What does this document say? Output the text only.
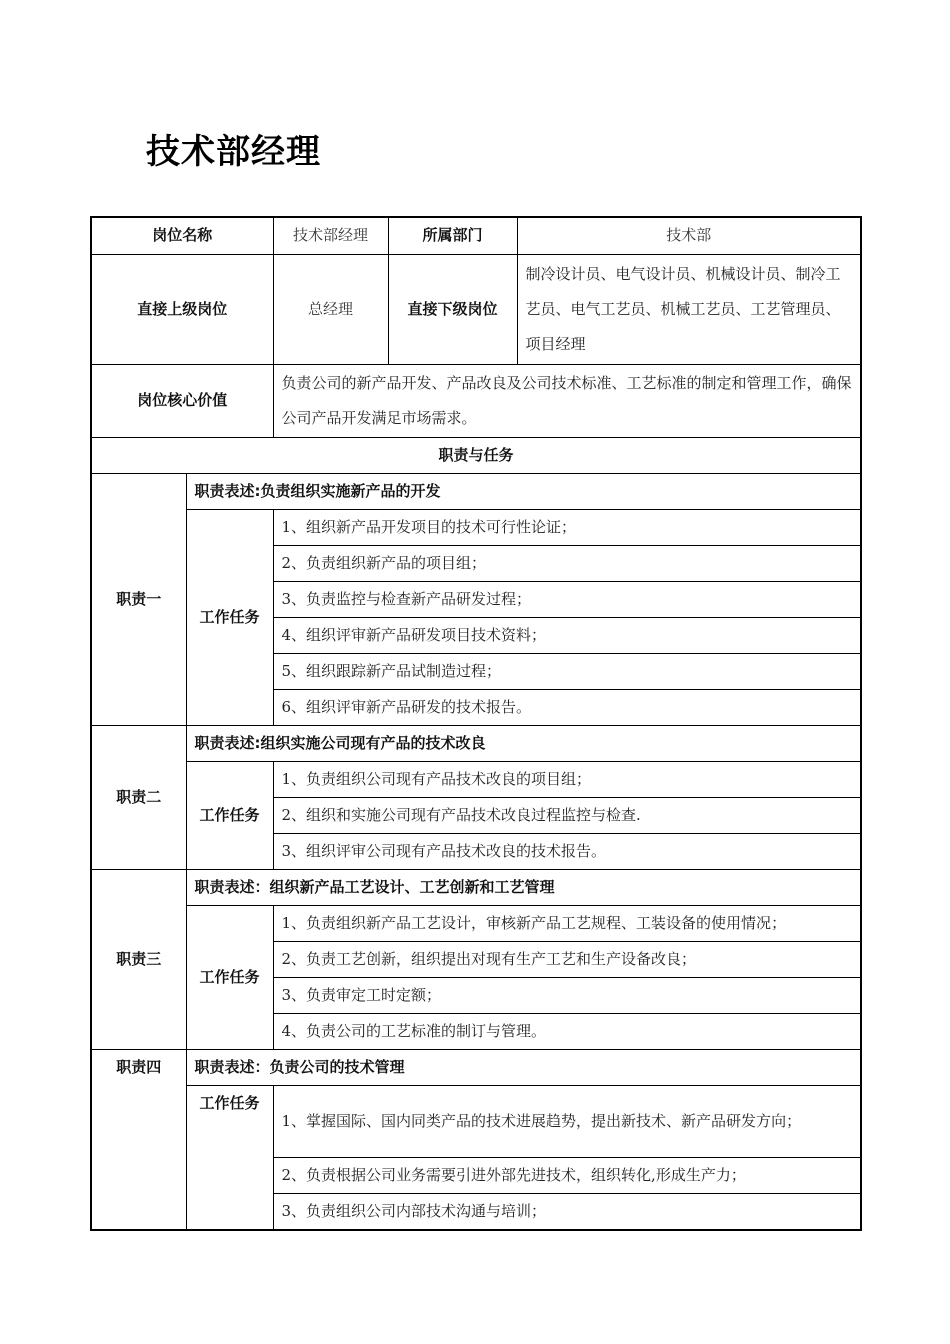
技术部经理
岗位名称		技术部经理	所属部门	技术部
直接上级岗位		总经理	直接下级岗位	制冷设计员、电气设计员、机械设计员、制冷工艺员、电气工艺员、机械工艺员、工艺管理员、项目经理
岗位核心价值		负责公司的新产品开发、产品改良及公司技术标准、工艺标准的制定和管理工作，确保公司产品开发满足市场需求。		
职责与任务				
职责一	职责表述:负责组织实施新产品的开发			
	工作任务	1、组织新产品开发项目的技术可行性论证；		
		2、负责组织新产品的项目组；		
		3、负责监控与检查新产品研发过程；		
		4、组织评审新产品研发项目技术资料；		
		5、组织跟踪新产品试制造过程；		
		6、组织评审新产品研发的技术报告。		
职责二	职责表述:组织实施公司现有产品的技术改良			
	工作任务	1、负责组织公司现有产品技术改良的项目组；		
		2、组织和实施公司现有产品技术改良过程监控与检查.		
		3、组织评审公司现有产品技术改良的技术报告。		
职责三	职责表述：组织新产品工艺设计、工艺创新和工艺管理			
	工作任务	1、负责组织新产品工艺设计，审核新产品工艺规程、工装设备的使用情况；		
		2、负责工艺创新，组织提出对现有生产工艺和生产设备改良；		
		3、负责审定工时定额；		
		4、负责公司的工艺标准的制订与管理。		
职责四	职责表述：负责公司的技术管理			
	工作任务	1、掌握国际、国内同类产品的技术进展趋势，提出新技术、新产品研发方向；		
		2、负责根据公司业务需要引进外部先进技术，组织转化,形成生产力；		
		3、负责组织公司内部技术沟通与培训；		
